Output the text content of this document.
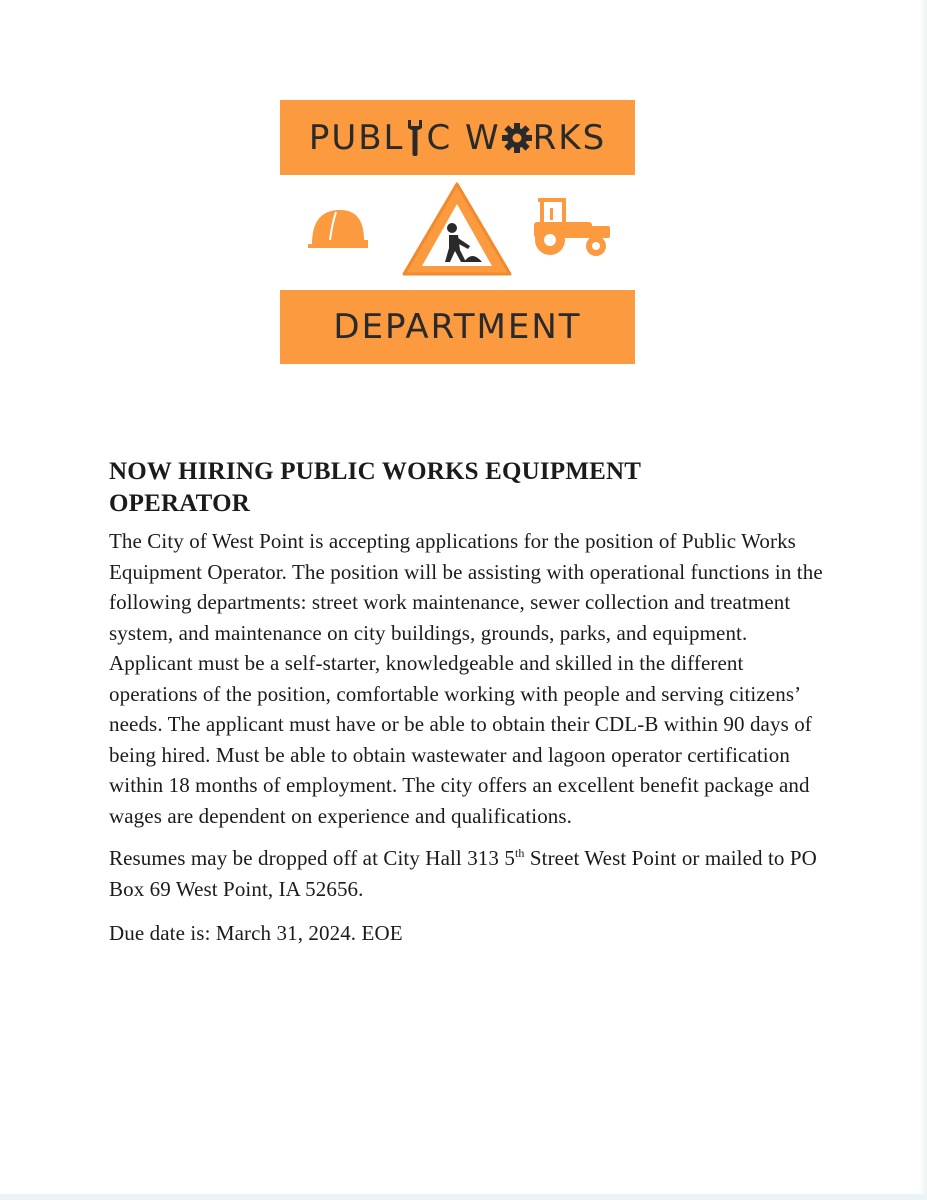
PUBL C W RKS
DEPARTMENT
NOW HIRING PUBLIC WORKS EQUIPMENT
OPERATOR

The City of West Point is accepting applications for the position of Public Works Equipment Operator. The position will be assisting with operational functions in the following departments: street work maintenance, sewer collection and treatment system, and maintenance on city buildings, grounds, parks, and equipment. Applicant must be a self-starter, knowledgeable and skilled in the different operations of the position, comfortable working with people and serving citizens’ needs. The applicant must have or be able to obtain their CDL-B within 90 days of being hired. Must be able to obtain wastewater and lagoon operator certification within 18 months of employment. The city offers an excellent benefit package and wages are dependent on experience and qualifications.

Resumes may be dropped off at City Hall 313 5th Street West Point or mailed to PO Box 69 West Point, IA 52656.

Due date is: March 31, 2024. EOE
